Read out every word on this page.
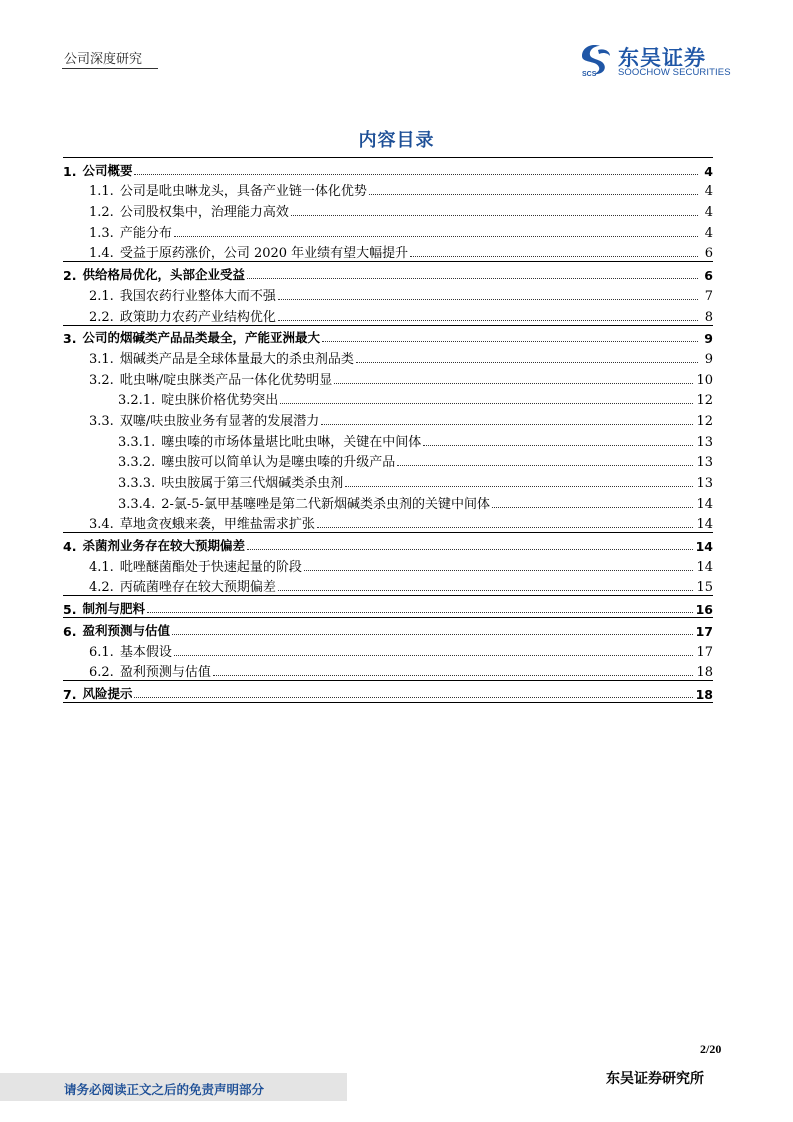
公司深度研究
SCS
东吴证券
SOOCHOW SECURITIES
内容目录
1. 公司概要	4
1.1. 公司是吡虫啉龙头，具备产业链一体化优势	4
1.2. 公司股权集中，治理能力高效	4
1.3. 产能分布	4
1.4. 受益于原药涨价，公司 2020 年业绩有望大幅提升	6
2. 供给格局优化，头部企业受益	6
2.1. 我国农药行业整体大而不强	7
2.2. 政策助力农药产业结构优化	8
3. 公司的烟碱类产品品类最全，产能亚洲最大	9
3.1. 烟碱类产品是全球体量最大的杀虫剂品类	9
3.2. 吡虫啉/啶虫脒类产品一体化优势明显	10
3.2.1. 啶虫脒价格优势突出	12
3.3. 双噻/呋虫胺业务有显著的发展潜力	12
3.3.1. 噻虫嗪的市场体量堪比吡虫啉，关键在中间体	13
3.3.2. 噻虫胺可以简单认为是噻虫嗪的升级产品	13
3.3.3. 呋虫胺属于第三代烟碱类杀虫剂	13
3.3.4. 2-氯-5-氯甲基噻唑是第二代新烟碱类杀虫剂的关键中间体	14
3.4. 草地贪夜蛾来袭，甲维盐需求扩张	14
4. 杀菌剂业务存在较大预期偏差	14
4.1. 吡唑醚菌酯处于快速起量的阶段	14
4.2. 丙硫菌唑存在较大预期偏差	15
5. 制剂与肥料	16
6. 盈利预测与估值	17
6.1. 基本假设	17
6.2. 盈利预测与估值	18
7. 风险提示	18
2/20
请务必阅读正文之后的免责声明部分
东吴证券研究所
